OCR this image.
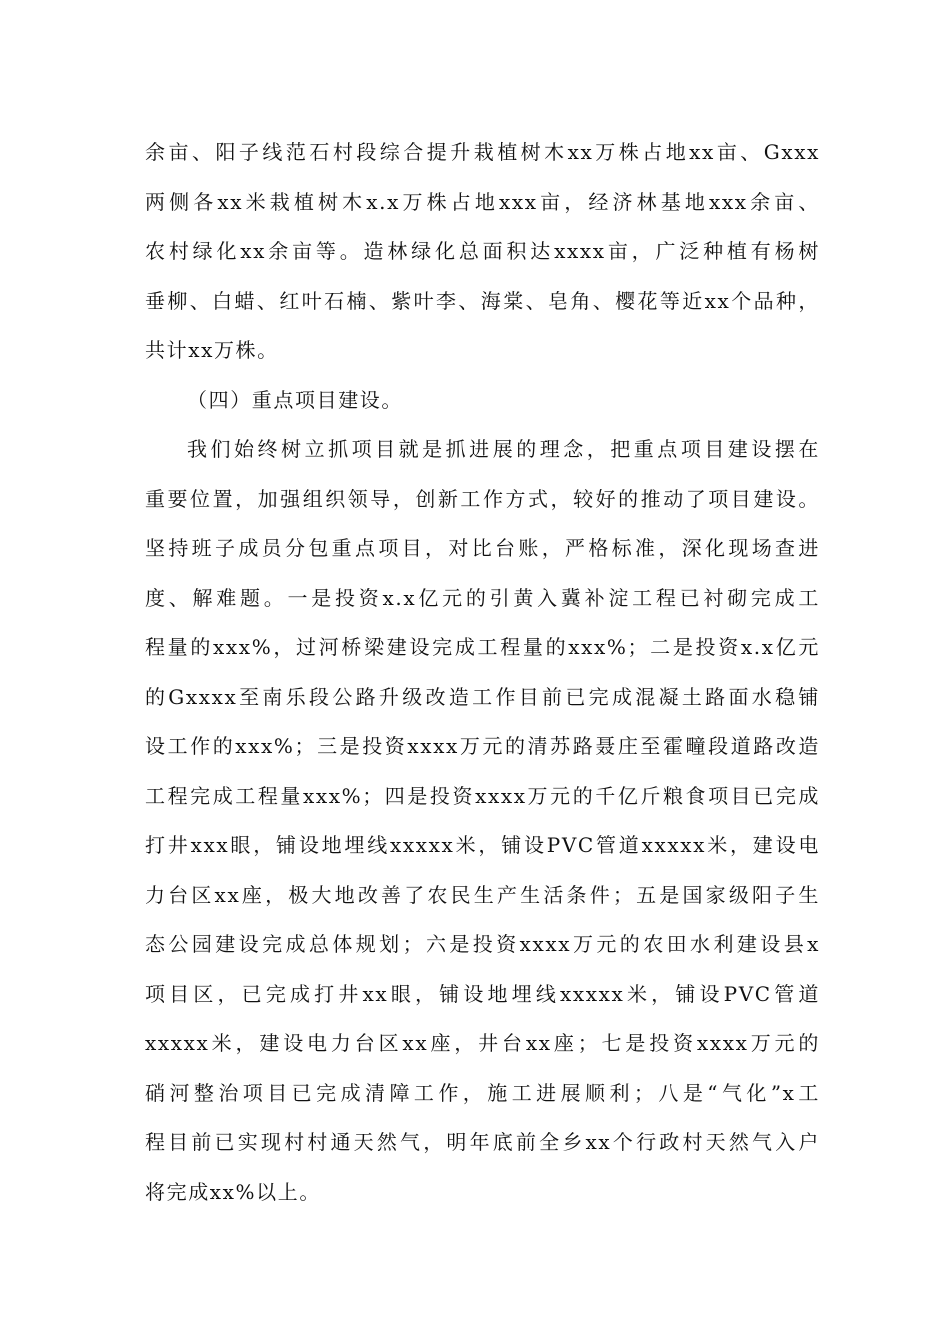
余亩、阳子线范石村段综合提升栽植树木xx万株占地xx亩、Gxxx
两侧各xx米栽植树木x.x万株占地xxx亩，经济林基地xxx余亩、
农村绿化xx余亩等。造林绿化总面积达xxxx亩，广泛种植有杨树
垂柳、白蜡、红叶石楠、紫叶李、海棠、皂角、樱花等近xx个品种，
共计xx万株。
（四）重点项目建设。
我们始终树立抓项目就是抓进展的理念，把重点项目建设摆在
重要位置，加强组织领导，创新工作方式，较好的推动了项目建设。
坚持班子成员分包重点项目，对比台账，严格标准，深化现场查进
度、解难题。一是投资x.x亿元的引黄入冀补淀工程已衬砌完成工
程量的xxx%，过河桥梁建设完成工程量的xxx%；二是投资x.x亿元
的Gxxxx至南乐段公路升级改造工作目前已完成混凝土路面水稳铺
设工作的xxx%；三是投资xxxx万元的清苏路聂庄至霍疃段道路改造
工程完成工程量xxx%；四是投资xxxx万元的千亿斤粮食项目已完成
打井xxx眼，铺设地埋线xxxxx米，铺设PVC管道xxxxx米，建设电
力台区xx座，极大地改善了农民生产生活条件；五是国家级阳子生
态公园建设完成总体规划；六是投资xxxx万元的农田水利建设县x
项目区，已完成打井xx眼，铺设地埋线xxxxx米，铺设PVC管道
xxxxx米，建设电力台区xx座，井台xx座；七是投资xxxx万元的
硝河整治项目已完成清障工作，施工进展顺利；八是“气化”x工
程目前已实现村村通天然气，明年底前全乡xx个行政村天然气入户
将完成xx%以上。
